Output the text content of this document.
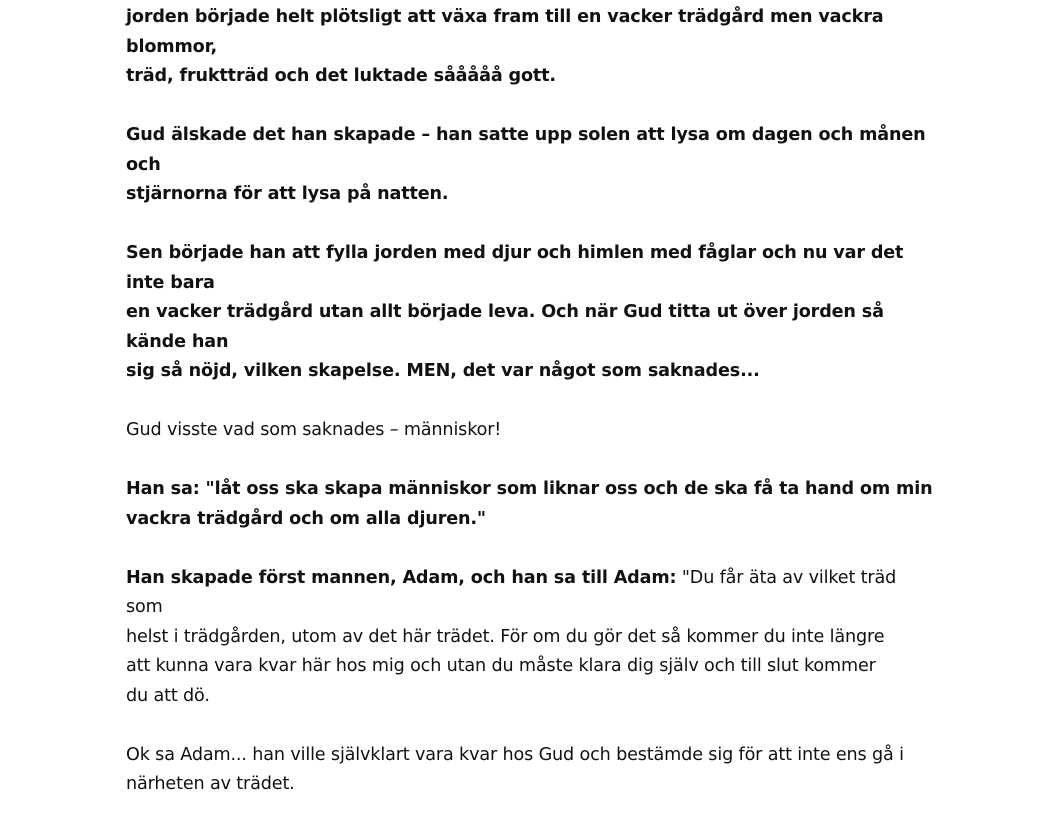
jorden började helt plötsligt att växa fram till en vacker trädgård men vackra blommor,
träd, fruktträd och det luktade sååååå gott.

Gud älskade det han skapade – han satte upp solen att lysa om dagen och månen och
stjärnorna för att lysa på natten.

Sen började han att fylla jorden med djur och himlen med fåglar och nu var det inte bara
en vacker trädgård utan allt började leva. Och när Gud titta ut över jorden så kände han
sig så nöjd, vilken skapelse. MEN, det var något som saknades...

Gud visste vad som saknades – människor!

Han sa: "låt oss ska skapa människor som liknar oss och de ska få ta hand om min
vackra trädgård och om alla djuren."

Han skapade först mannen, Adam, och han sa till Adam: "Du får äta av vilket träd som
helst i trädgården, utom av det här trädet. För om du gör det så kommer du inte längre
att kunna vara kvar här hos mig och utan du måste klara dig själv och till slut kommer
du att dö.

Ok sa Adam... han ville självklart vara kvar hos Gud och bestämde sig för att inte ens gå i
närheten av trädet.
